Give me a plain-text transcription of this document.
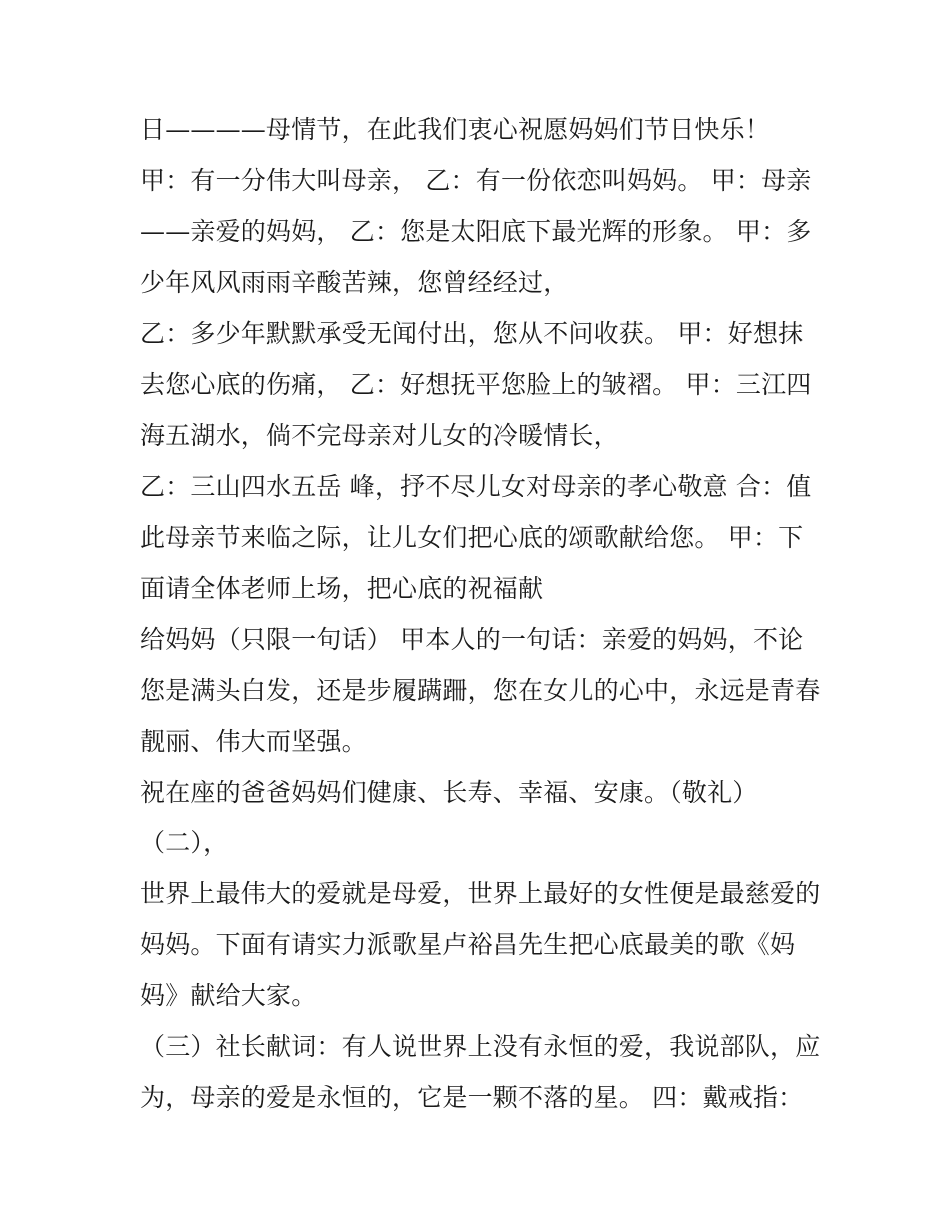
日————母情节，在此我们衷心祝愿妈妈们节日快乐！
甲：有一分伟大叫母亲， 乙：有一份依恋叫妈妈。 甲：母亲
——亲爱的妈妈， 乙：您是太阳底下最光辉的形象。 甲：多
少年风风雨雨辛酸苦辣，您曾经经过，
乙：多少年默默承受无闻付出，您从不问收获。 甲：好想抹
去您心底的伤痛， 乙：好想抚平您脸上的皱褶。 甲：三江四
海五湖水，倘不完母亲对儿女的冷暖情长，
乙：三山四水五岳 峰，抒不尽儿女对母亲的孝心敬意 合：值
此母亲节来临之际，让儿女们把心底的颂歌献给您。 甲：下
面请全体老师上场，把心底的祝福献
给妈妈（只限一句话） 甲本人的一句话：亲爱的妈妈，不论
您是满头白发，还是步履蹒跚，您在女儿的心中，永远是青春
靓丽、伟大而坚强。
祝在座的爸爸妈妈们健康、长寿、幸福、安康。（敬礼）
（二），
世界上最伟大的爱就是母爱，世界上最好的女性便是最慈爱的
妈妈。下面有请实力派歌星卢裕昌先生把心底最美的歌《妈
妈》献给大家。
（三）社长献词：有人说世界上没有永恒的爱，我说部队，应
为，母亲的爱是永恒的，它是一颗不落的星。 四：戴戒指：
